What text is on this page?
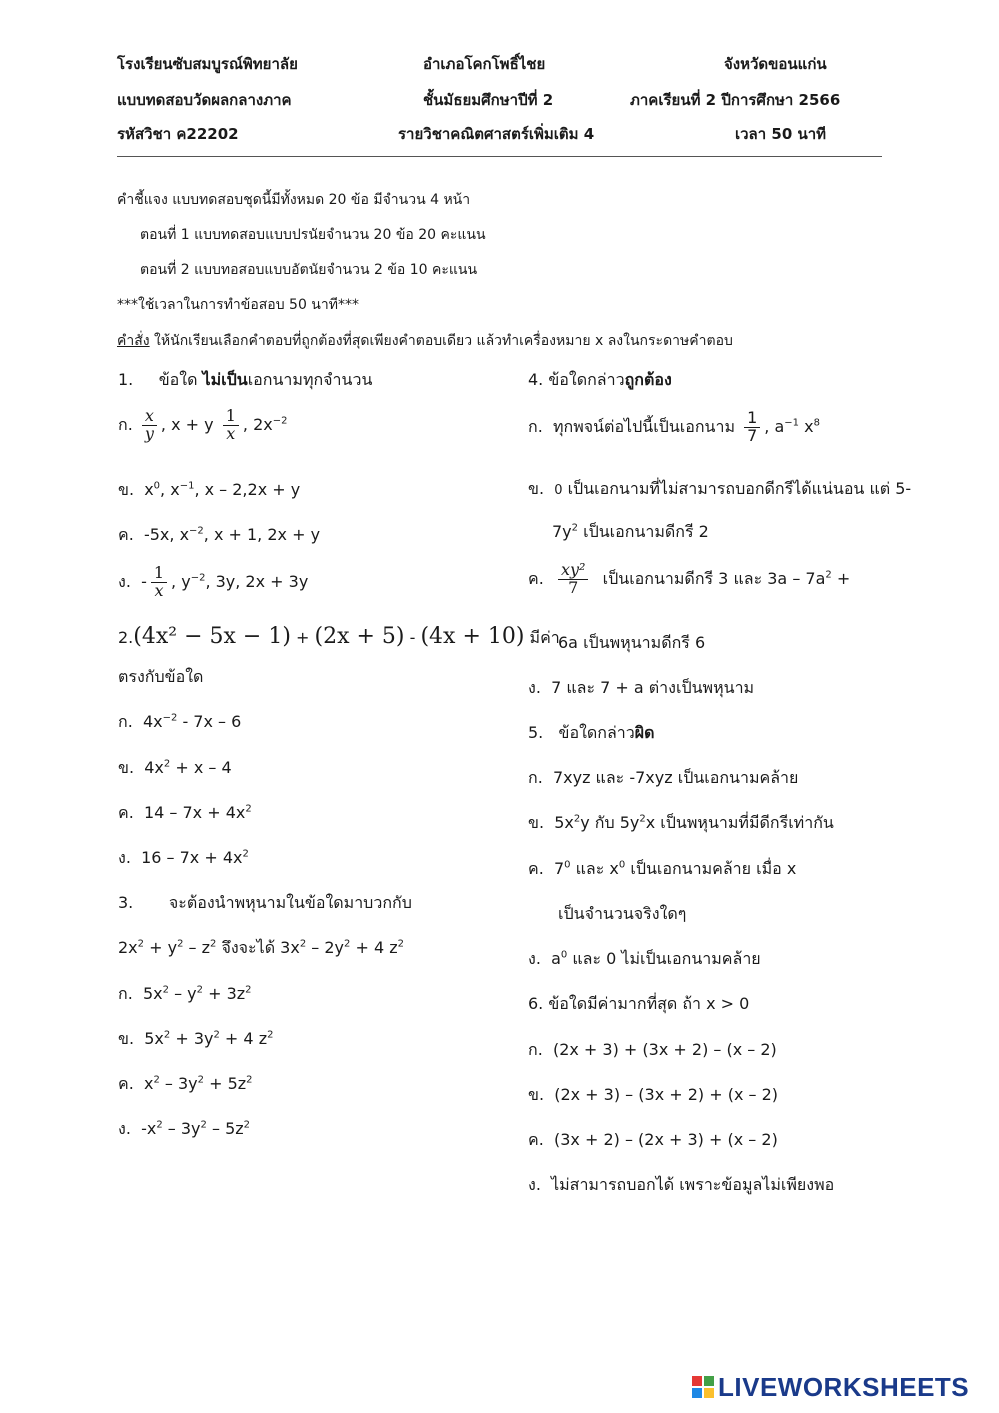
โรงเรียนซับสมบูรณ์พิทยาลัย	อำเภอโคกโพธิ์ไชย	จังหวัดขอนแก่น
แบบทดสอบวัดผลกลางภาค	ชั้นมัธยมศึกษาปีที่ 2	ภาคเรียนที่ 2 ปีการศึกษา 2566
รหัสวิชา ค22202	รายวิชาคณิตศาสตร์เพิ่มเติม 4	เวลา 50 นาที
คำชี้แจง แบบทดสอบชุดนี้มีทั้งหมด 20 ข้อ มีจำนวน 4 หน้า
ตอนที่ 1 แบบทดสอบแบบปรนัยจำนวน 20 ข้อ 20 คะแนน
ตอนที่ 2 แบบทอสอบแบบอัตนัยจำนวน 2 ข้อ 10 คะแนน
***ใช้เวลาในการทำข้อสอบ 50 นาที***
คำสั่ง ให้นักเรียนเลือกคำตอบที่ถูกต้องที่สุดเพียงคำตอบเดียว แล้วทำเครื่องหมาย x ลงในกระดาษคำตอบ
1. ข้อใด ไม่เป็นเอกนามทุกจำนวน
ก. $\frac{x}{y}$ , x + y $\frac{1}{x}$ , $2x^{-2}$
ข. $x^0$, $x^{-1}$, x – 2,2x + y
ค. -5x, $x^{-2}$, x + 1, 2x + y
ง. - $\frac{1}{x}$ , $y^{-2}$, 3y, 2x + 3y
2.(4x² − 5x − 1) + (2x + 5) - (4x + 10) มีค่า
ตรงกับข้อใด
ก. $4x^{-2} - 7x - 6$
ข. $4x^2 + x - 4$
ค. $14 - 7x + 4x^2$
ง. $16 - 7x + 4x^2$
3. จะต้องนำพหุนามในข้อใดมาบวกกับ
$2x^2 + y^2 - z^2$ จึงจะได้ $3x^2 - 2y^2 + 4$ $z^2$
ก. $5x^2 - y^2 + 3z^2$
ข. $5x^2 + 3y^2 + 4$ $z^2$
ค. $x^2 - 3y^2 + 5z^2$
ง. $-x^2 - 3y^2 - 5z^2$
4. ข้อใดกล่าวถูกต้อง
ก. ทุกพจน์ต่อไปนี้เป็นเอกนาม $\frac{1}{7}$ , $a^{-1}$ $x^8$
ข. 0 เป็นเอกนามที่ไม่สามารถบอกดีกรีได้แน่นอน แต่ 5-
$7y^2$ เป็นเอกนามดีกรี 2
ค. $\frac{\text{xy²}}{7}$ เป็นเอกนามดีกรี 3 และ $3a - 7a^2$ +
6a เป็นพหุนามดีกรี 6
ง. 7 และ 7 + a ต่างเป็นพหุนาม
5. ข้อใดกล่าวผิด
ก. 7xyz และ -7xyz เป็นเอกนามคล้าย
ข. $5x^2y$ กับ $5y^2x$ เป็นพหุนามที่มีดีกรีเท่ากัน
ค. $7^0$ และ $x^0$ เป็นเอกนามคล้าย เมื่อ x
เป็นจำนวนจริงใดๆ
ง. $a^0$ และ 0 ไม่เป็นเอกนามคล้าย
6. ข้อใดมีค่ามากที่สุด ถ้า x > 0
ก. (2x + 3) + (3x + 2) – (x – 2)
ข. (2x + 3) – (3x + 2) + (x – 2)
ค. (3x + 2) – (2x + 3) + (x – 2)
ง. ไม่สามารถบอกได้ เพราะข้อมูลไม่เพียงพอ
LIVEWORKSHEETS
